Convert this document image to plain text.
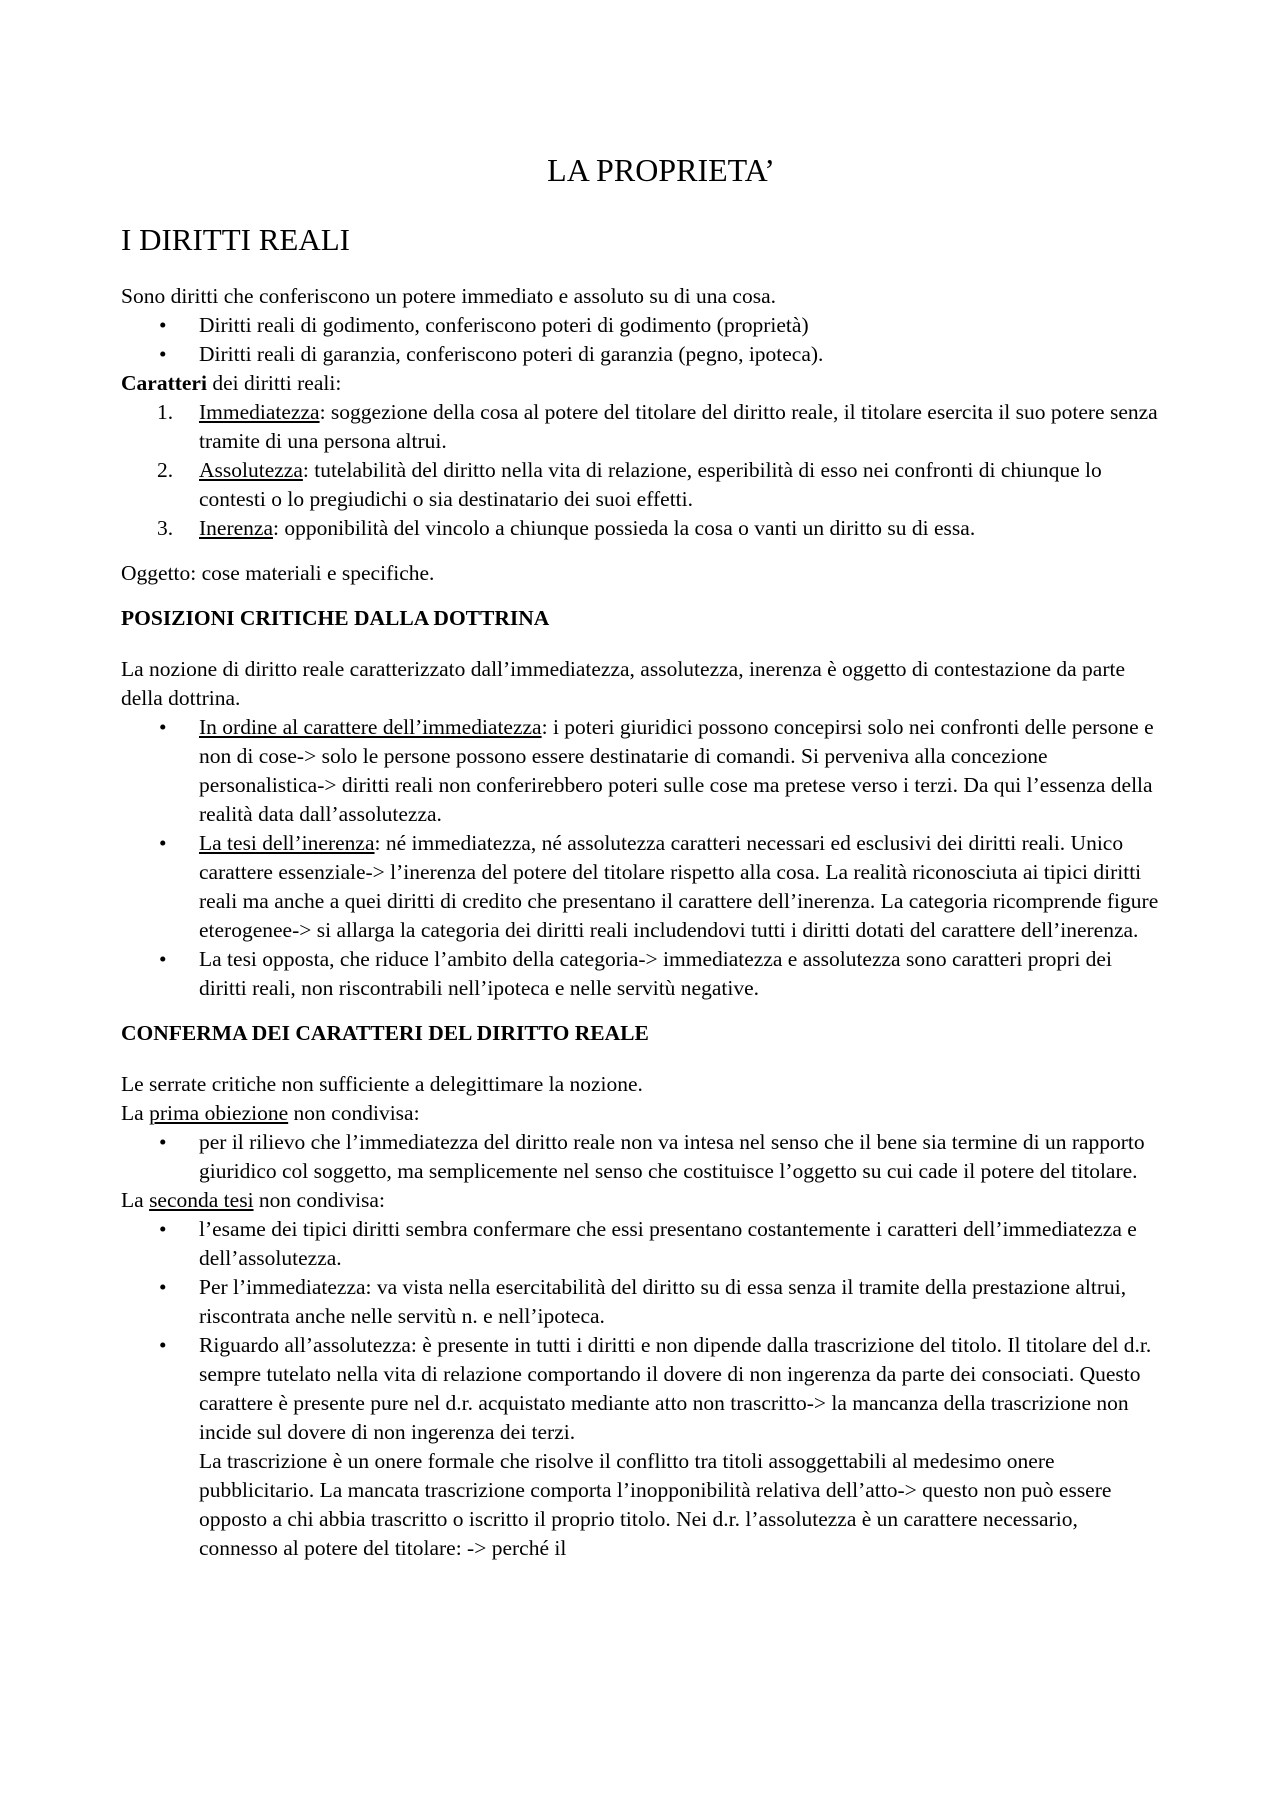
LA PROPRIETA’
I DIRITTI REALI

Sono diritti che conferiscono un potere immediato e assoluto su di una cosa.

• Diritti reali di godimento, conferiscono poteri di godimento (proprietà)
• Diritti reali di garanzia, conferiscono poteri di garanzia (pegno, ipoteca).

Caratteri dei diritti reali:

1. Immediatezza: soggezione della cosa al potere del titolare del diritto reale, il titolare esercita il suo potere senza tramite di una persona altrui.
2. Assolutezza: tutelabilità del diritto nella vita di relazione, esperibilità di esso nei confronti di chiunque lo contesti o lo pregiudichi o sia destinatario dei suoi effetti.
3. Inerenza: opponibilità del vincolo a chiunque possieda la cosa o vanti un diritto su di essa.

Oggetto: cose materiali e specifiche.

POSIZIONI CRITICHE DALLA DOTTRINA

La nozione di diritto reale caratterizzato dall’immediatezza, assolutezza, inerenza è oggetto di contestazione da parte della dottrina.

• In ordine al carattere dell’immediatezza: i poteri giuridici possono concepirsi solo nei confronti delle persone e non di cose-> solo le persone possono essere destinatarie di comandi. Si perveniva alla concezione personalistica-> diritti reali non conferirebbero poteri sulle cose ma pretese verso i terzi. Da qui l’essenza della realità data dall’assolutezza.
• La tesi dell’inerenza: né immediatezza, né assolutezza caratteri necessari ed esclusivi dei diritti reali. Unico carattere essenziale-> l’inerenza del potere del titolare rispetto alla cosa. La realità riconosciuta ai tipici diritti reali ma anche a quei diritti di credito che presentano il carattere dell’inerenza. La categoria ricomprende figure eterogenee-> si allarga la categoria dei diritti reali includendovi tutti i diritti dotati del carattere dell’inerenza.
• La tesi opposta, che riduce l’ambito della categoria-> immediatezza e assolutezza sono caratteri propri dei diritti reali, non riscontrabili nell’ipoteca e nelle servitù negative.

CONFERMA DEI CARATTERI DEL DIRITTO REALE

Le serrate critiche non sufficiente a delegittimare la nozione.

La prima obiezione non condivisa:

• per il rilievo che l’immediatezza del diritto reale non va intesa nel senso che il bene sia termine di un rapporto giuridico col soggetto, ma semplicemente nel senso che costituisce l’oggetto su cui cade il potere del titolare.

La seconda tesi non condivisa:

• l’esame dei tipici diritti sembra confermare che essi presentano costantemente i caratteri dell’immediatezza e dell’assolutezza.
• Per l’immediatezza: va vista nella esercitabilità del diritto su di essa senza il tramite della prestazione altrui, riscontrata anche nelle servitù n. e nell’ipoteca.
• Riguardo all’assolutezza: è presente in tutti i diritti e non dipende dalla trascrizione del titolo. Il titolare del d.r. sempre tutelato nella vita di relazione comportando il dovere di non ingerenza da parte dei consociati. Questo carattere è presente pure nel d.r. acquistato mediante atto non trascritto-> la mancanza della trascrizione non incide sul dovere di non ingerenza dei terzi.
La trascrizione è un onere formale che risolve il conflitto tra titoli assoggettabili al medesimo onere pubblicitario. La mancata trascrizione comporta l’inopponibilità relativa dell’atto-> questo non può essere opposto a chi abbia trascritto o iscritto il proprio titolo. Nei d.r. l’assolutezza è un carattere necessario, connesso al potere del titolare: -> perché il
